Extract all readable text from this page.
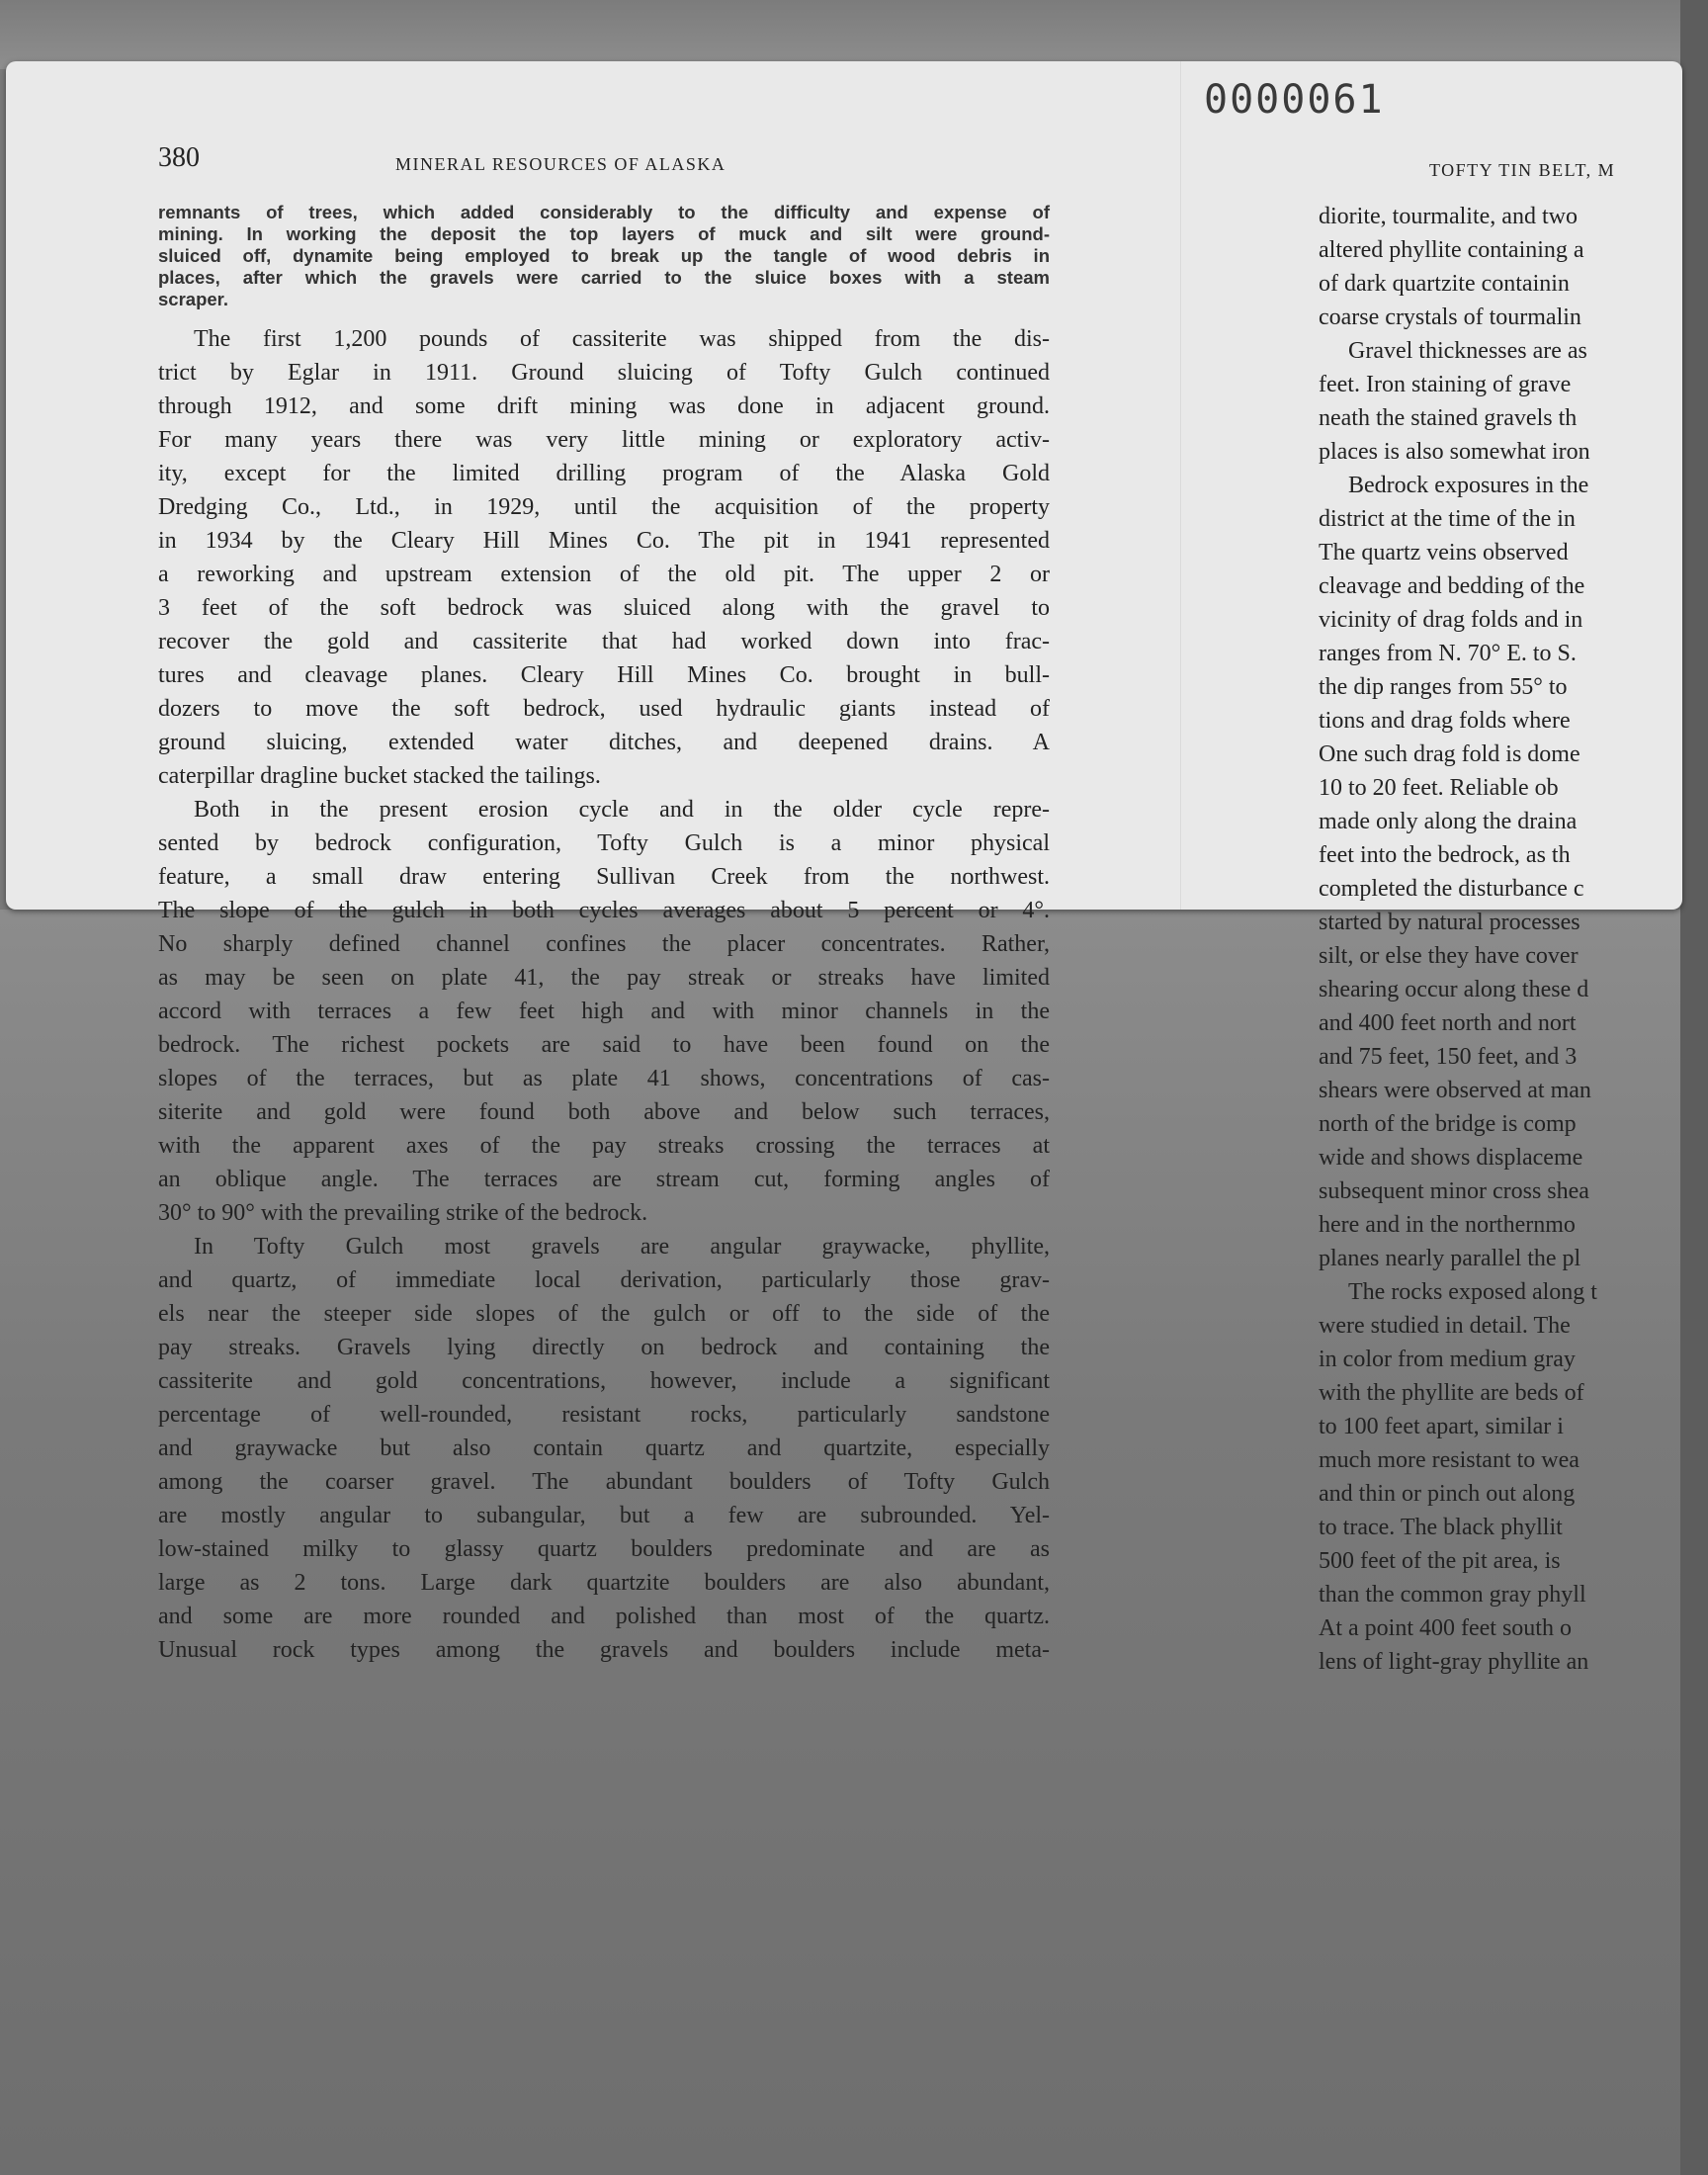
0000061
380	MINERAL RESOURCES OF ALASKA	TOFTY TIN BELT, M
remnants of trees, which added considerably to the difficulty and expense of
mining. In working the deposit the top layers of muck and silt were ground-
sluiced off, dynamite being employed to break up the tangle of wood debris in
places, after which the gravels were carried to the sluice boxes with a steam
scraper.
The first 1,200 pounds of cassiterite was shipped from the dis-
trict by Eglar in 1911. Ground sluicing of Tofty Gulch continued
through 1912, and some drift mining was done in adjacent ground.
For many years there was very little mining or exploratory activ-
ity, except for the limited drilling program of the Alaska Gold
Dredging Co., Ltd., in 1929, until the acquisition of the property
in 1934 by the Cleary Hill Mines Co. The pit in 1941 represented
a reworking and upstream extension of the old pit. The upper 2 or
3 feet of the soft bedrock was sluiced along with the gravel to
recover the gold and cassiterite that had worked down into frac-
tures and cleavage planes. Cleary Hill Mines Co. brought in bull-
dozers to move the soft bedrock, used hydraulic giants instead of
ground sluicing, extended water ditches, and deepened drains. A
caterpillar dragline bucket stacked the tailings.
Both in the present erosion cycle and in the older cycle repre-
sented by bedrock configuration, Tofty Gulch is a minor physical
feature, a small draw entering Sullivan Creek from the northwest.
The slope of the gulch in both cycles averages about 5 percent or 4°.
No sharply defined channel confines the placer concentrates. Rather,
as may be seen on plate 41, the pay streak or streaks have limited
accord with terraces a few feet high and with minor channels in the
bedrock. The richest pockets are said to have been found on the
slopes of the terraces, but as plate 41 shows, concentrations of cas-
siterite and gold were found both above and below such terraces,
with the apparent axes of the pay streaks crossing the terraces at
an oblique angle. The terraces are stream cut, forming angles of
30° to 90° with the prevailing strike of the bedrock.
In Tofty Gulch most gravels are angular graywacke, phyllite,
and quartz, of immediate local derivation, particularly those grav-
els near the steeper side slopes of the gulch or off to the side of the
pay streaks. Gravels lying directly on bedrock and containing the
cassiterite and gold concentrations, however, include a significant
percentage of well-rounded, resistant rocks, particularly sandstone
and graywacke but also contain quartz and quartzite, especially
among the coarser gravel. The abundant boulders of Tofty Gulch
are mostly angular to subangular, but a few are subrounded. Yel-
low-stained milky to glassy quartz boulders predominate and are as
large as 2 tons. Large dark quartzite boulders are also abundant,
and some are more rounded and polished than most of the quartz.
Unusual rock types among the gravels and boulders include meta-
diorite, tourmalite, and two
altered phyllite containing a
of dark quartzite containin
coarse crystals of tourmalin
Gravel thicknesses are as
feet. Iron staining of grave
neath the stained gravels th
places is also somewhat iron
Bedrock exposures in the
district at the time of the in
The quartz veins observed
cleavage and bedding of the
vicinity of drag folds and in
ranges from N. 70° E. to S.
the dip ranges from 55° to
tions and drag folds where
One such drag fold is dome
10 to 20 feet. Reliable ob
made only along the draina
feet into the bedrock, as th
completed the disturbance c
started by natural processes
silt, or else they have cover
shearing occur along these d
and 400 feet north and nort
and 75 feet, 150 feet, and 3
shears were observed at man
north of the bridge is comp
wide and shows displaceme
subsequent minor cross shea
here and in the northernmo
planes nearly parallel the pl
The rocks exposed along t
were studied in detail. The
in color from medium gray
with the phyllite are beds of
to 100 feet apart, similar i
much more resistant to wea
and thin or pinch out along
to trace. The black phyllit
500 feet of the pit area, is
than the common gray phyll
At a point 400 feet south o
lens of light-gray phyllite an
